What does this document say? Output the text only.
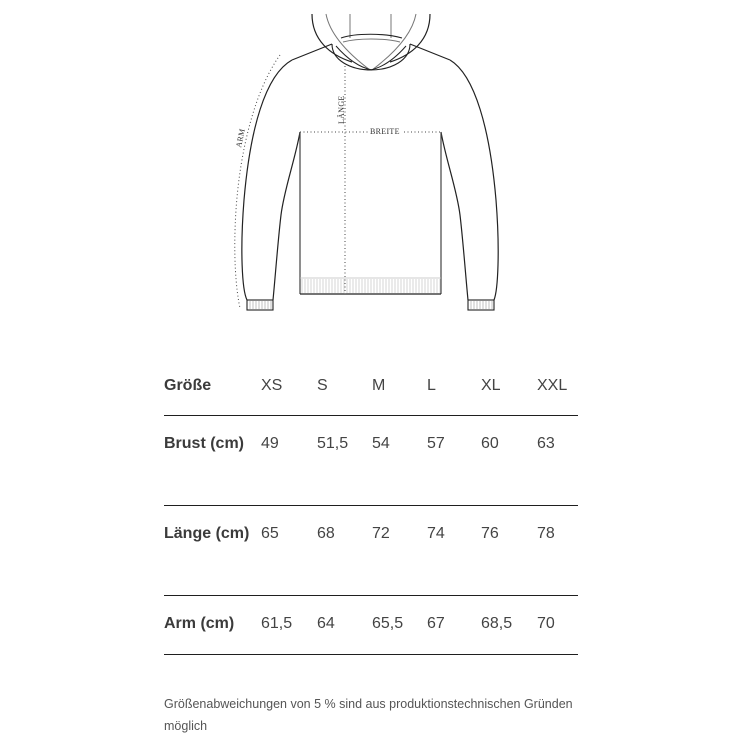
ARM
LÄNGE
BREITE
Größe	XS S	M	L	XL XXL
Brust (cm)	49 51,5 54 57 60 63
Länge (cm) 65 68 72 74 76 78
Arm (cm)	61,5 64 65,5 67 68,5 70
Größenabweichungen von 5 % sind aus produktionstechnischen Gründen möglich
